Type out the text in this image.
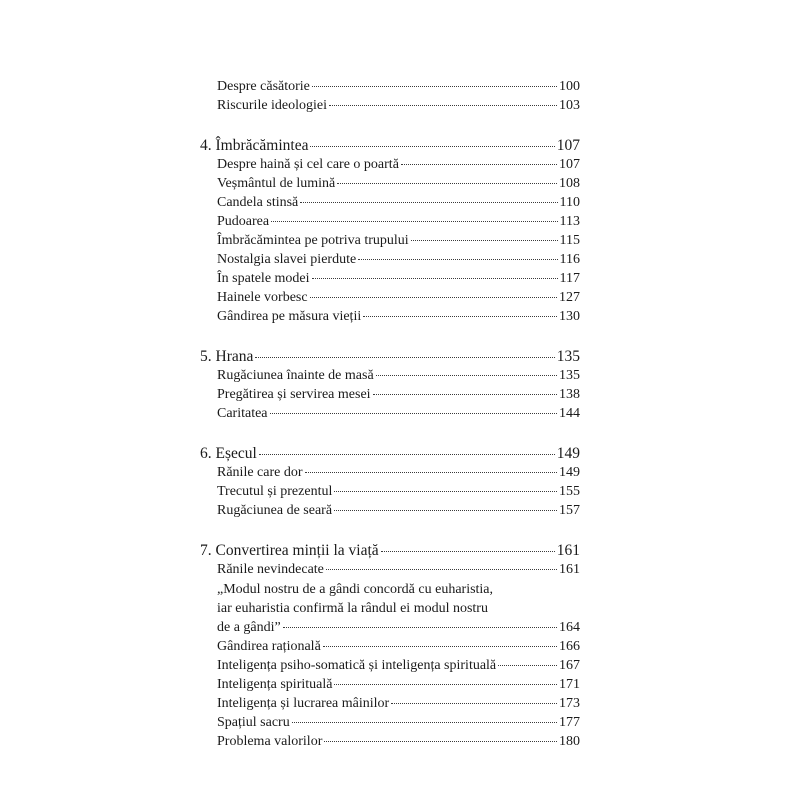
Despre căsătorie	100
Riscurile ideologiei	103
4. Îmbrăcămintea	107
Despre haină și cel care o poartă	107
Veșmântul de lumină	108
Candela stinsă	110
Pudoarea	113
Îmbrăcămintea pe potriva trupului	115
Nostalgia slavei pierdute	116
În spatele modei	117
Hainele vorbesc	127
Gândirea pe măsura vieții	130
5. Hrana	135
Rugăciunea înainte de masă	135
Pregătirea și servirea mesei	138
Caritatea	144
6. Eșecul	149
Rănile care dor	149
Trecutul și prezentul	155
Rugăciunea de seară	157
7. Convertirea minții la viață	161
Rănile nevindecate	161
„Modul nostru de a gândi concordă cu euharistia,
iar euharistia confirmă la rândul ei modul nostru
de a gândi”	164
Gândirea rațională	166
Inteligența psiho-somatică și inteligența spirituală	167
Inteligența spirituală	171
Inteligența și lucrarea mâinilor	173
Spațiul sacru	177
Problema valorilor	180
